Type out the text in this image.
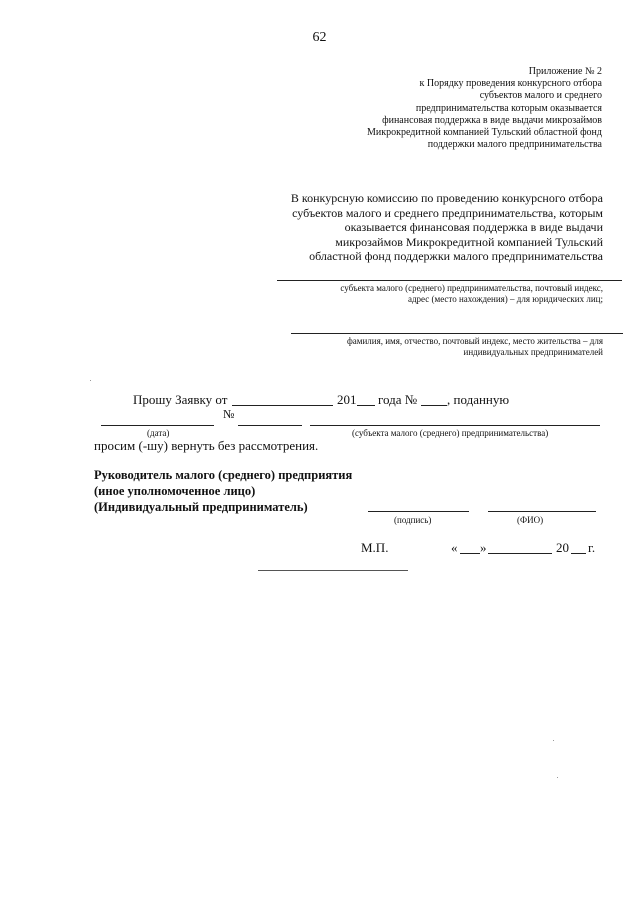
62
Приложение № 2
к Порядку проведения конкурсного отбора
субъектов малого и среднего
предпринимательства которым оказывается
финансовая поддержка в виде выдачи микрозаймов
Микрокредитной компанией Тульский областной фонд
поддержки малого предпринимательства
В конкурсную комиссию по проведению конкурсного отбора
субъектов малого и среднего предпринимательства, которым
оказывается финансовая поддержка в виде выдачи
микрозаймов Микрокредитной компанией Тульский
областной фонд поддержки малого предпринимательства
субъекта малого (среднего) предпринимательства, почтовый индекс,
адрес (место нахождения) – для юридических лиц;
фамилия, имя, отчество, почтовый индекс, место жительства – для
индивидуальных предпринимателей
Прошу Заявку от	201 года № , поданную
№
(дата)	(субъекта малого (среднего) предпринимательства)
просим (-шу) вернуть без рассмотрения.
Руководитель малого (среднего) предприятия
(иное уполномоченное лицо)
(Индивидуальный предприниматель)
(подпись)	(ФИО)
М.П.	« »	20 г.
